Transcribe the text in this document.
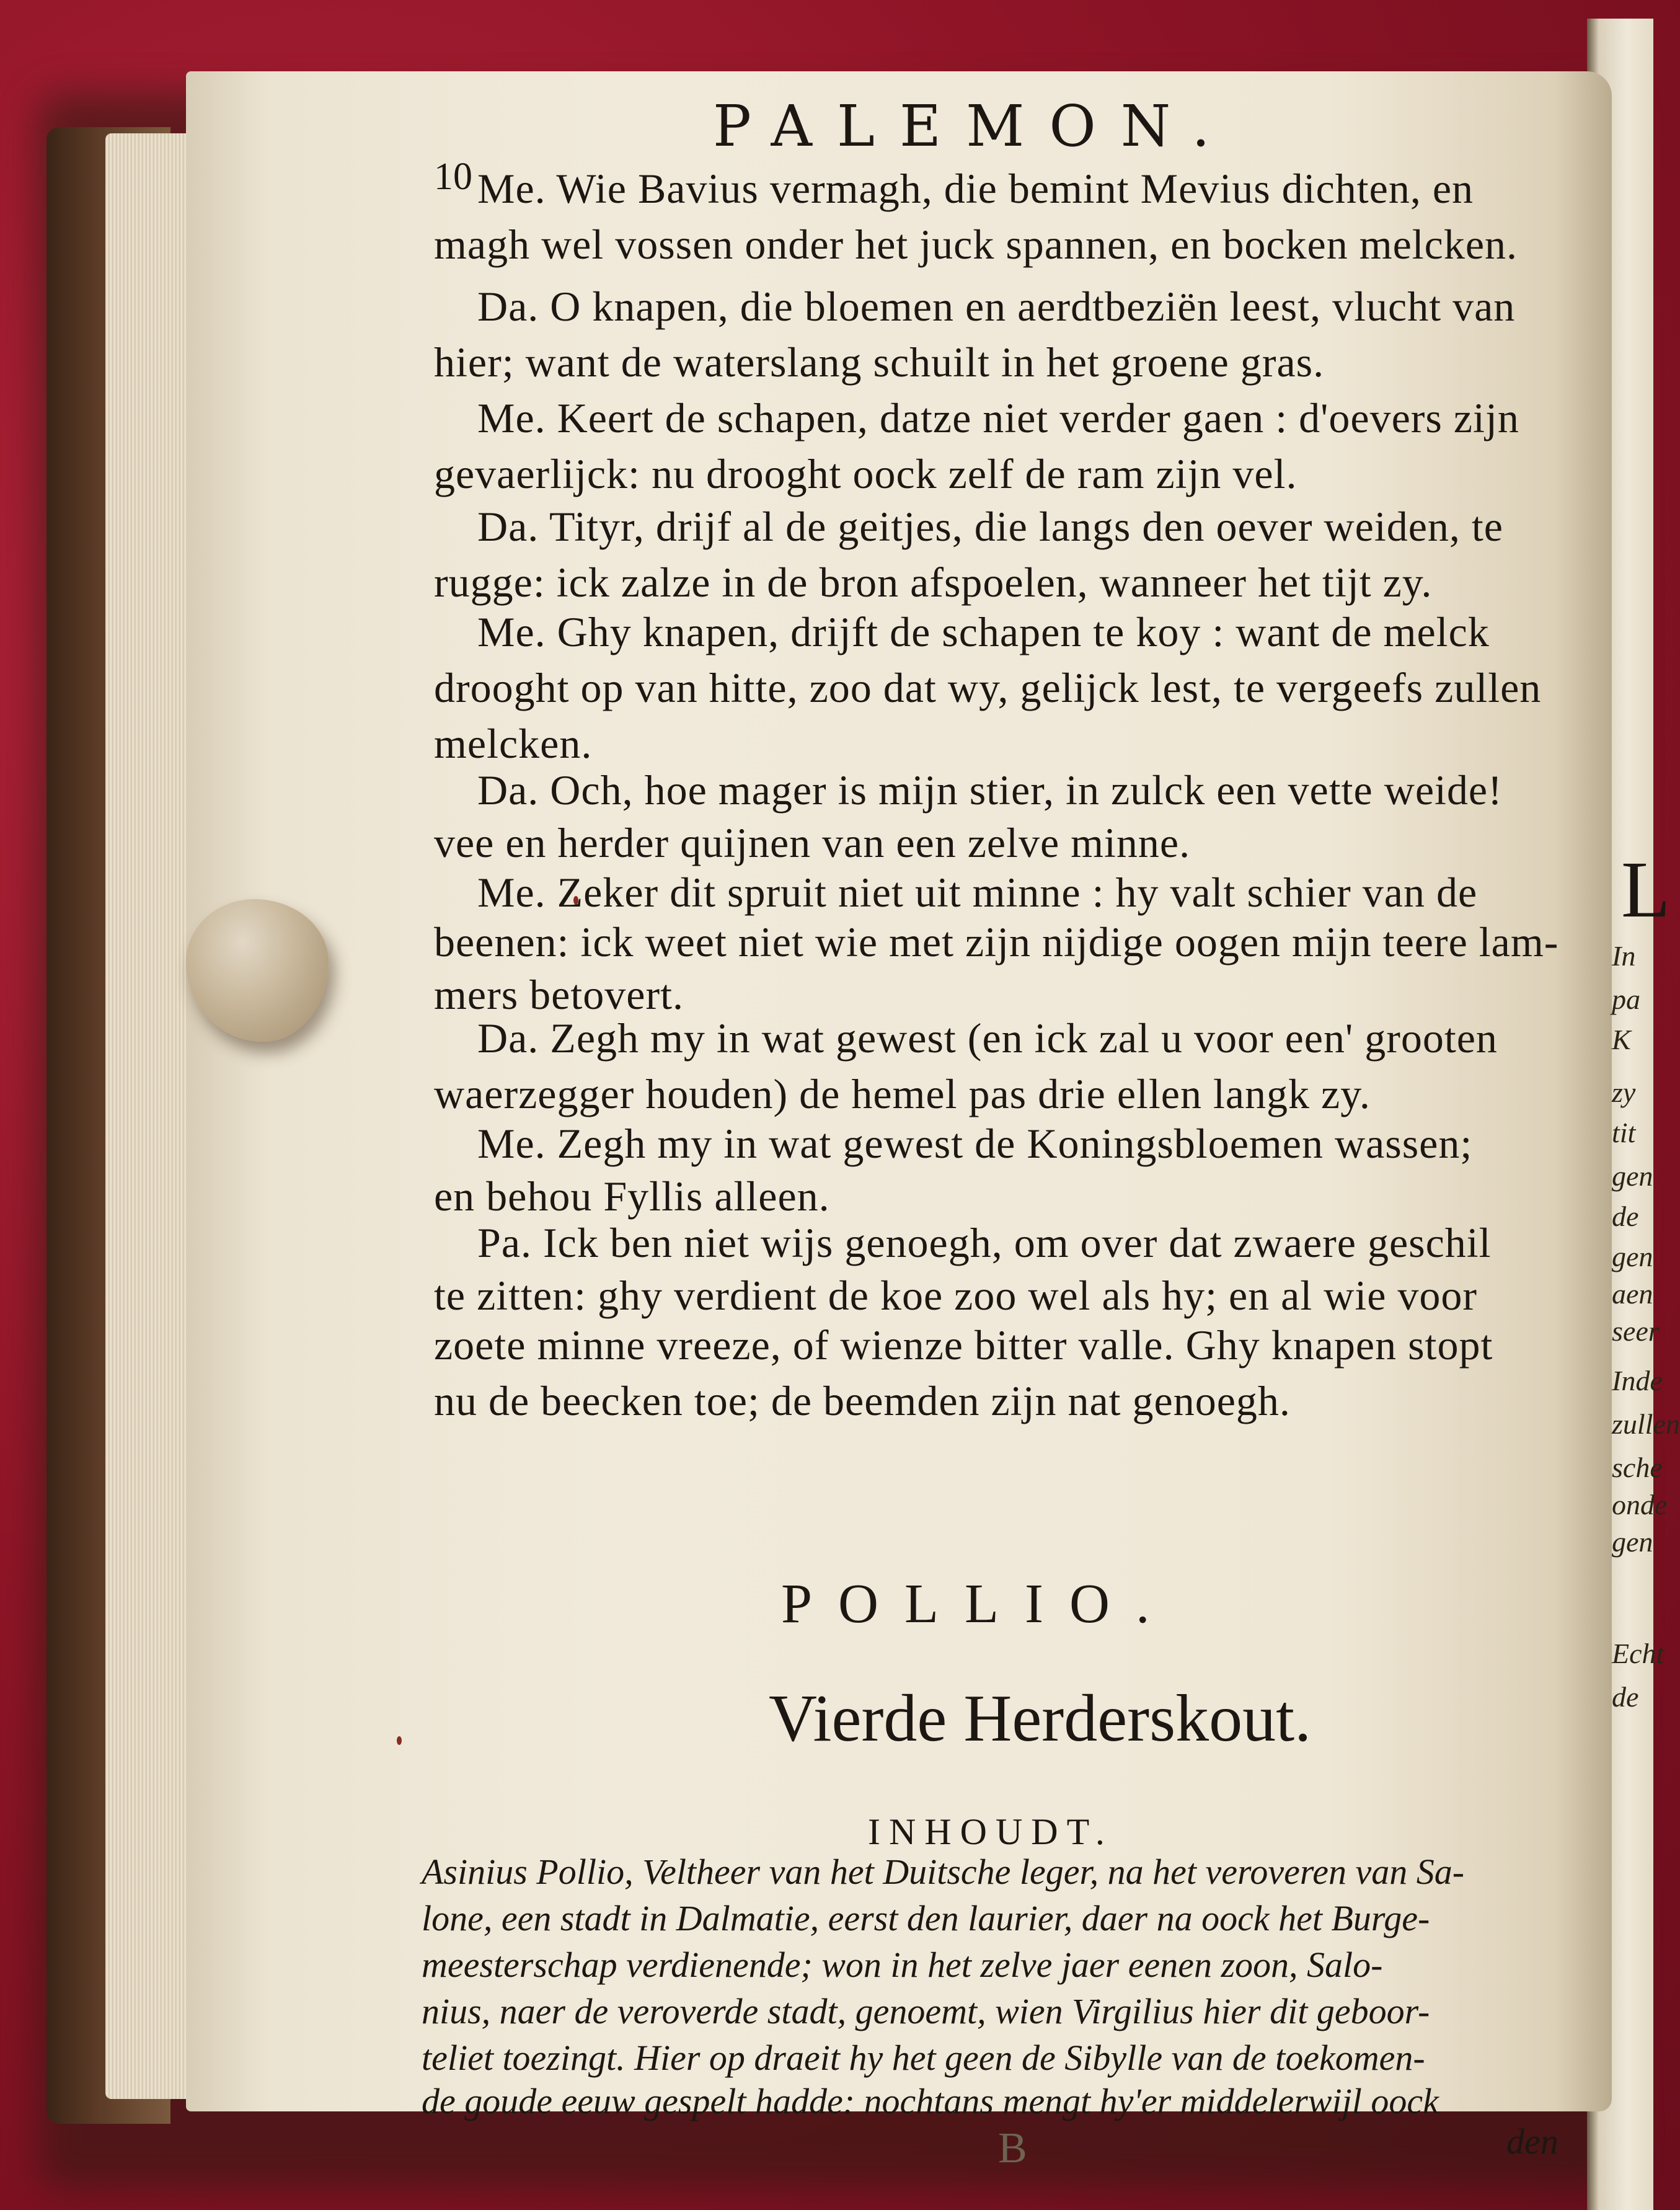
PALEMON.
10 Me. Wie Bavius vermagh, die bemint Mevius dichten, en
magh wel vossen onder het juck spannen, en bocken melcken.
Da. O knapen, die bloemen en aerdtbeziën leest, vlucht van
hier; want de waterslang schuilt in het groene gras.
Me. Keert de schapen, datze niet verder gaen : d'oevers zijn
gevaerlijck: nu drooght oock zelf de ram zijn vel.
Da. Tityr, drijf al de geitjes, die langs den oever weiden, te
rugge: ick zalze in de bron afspoelen, wanneer het tijt zy.
Me. Ghy knapen, drijft de schapen te koy : want de melck
drooght op van hitte, zoo dat wy, gelijck lest, te vergeefs zullen
melcken.
Da. Och, hoe mager is mijn stier, in zulck een vette weide!
vee en herder quijnen van een zelve minne.
Me. Zeker dit spruit niet uit minne : hy valt schier van de
beenen: ick weet niet wie met zijn nijdige oogen mijn teere lam-
mers betovert.
Da. Zegh my in wat gewest (en ick zal u voor een' grooten
waerzegger houden) de hemel pas drie ellen langk zy.
Me. Zegh my in wat gewest de Koningsbloemen wassen;
en behou Fyllis alleen.
Pa. Ick ben niet wijs genoegh, om over dat zwaere geschil
te zitten: ghy verdient de koe zoo wel als hy; en al wie voor
zoete minne vreeze, of wienze bitter valle. Ghy knapen stopt
nu de beecken toe; de beemden zijn nat genoegh.
POLLIO.
Vierde Herderskout.
INHOUDT.
Asinius Pollio, Veltheer van het Duitsche leger, na het veroveren van Sa-
lone, een stadt in Dalmatie, eerst den laurier, daer na oock het Burge-
meesterschap verdienende; won in het zelve jaer eenen zoon, Salo-
nius, naer de veroverde stadt, genoemt, wien Virgilius hier dit geboor-
teliet toezingt. Hier op draeit hy het geen de Sibylle van de toekomen-
de goude eeuw gespelt hadde: nochtans mengt hy'er middelerwijl oock
den
B
L
In
pa
K
zy
tit
gen
de
gen
aen
seer
Inde
zullen
sche
onde
gen
Echt
de
